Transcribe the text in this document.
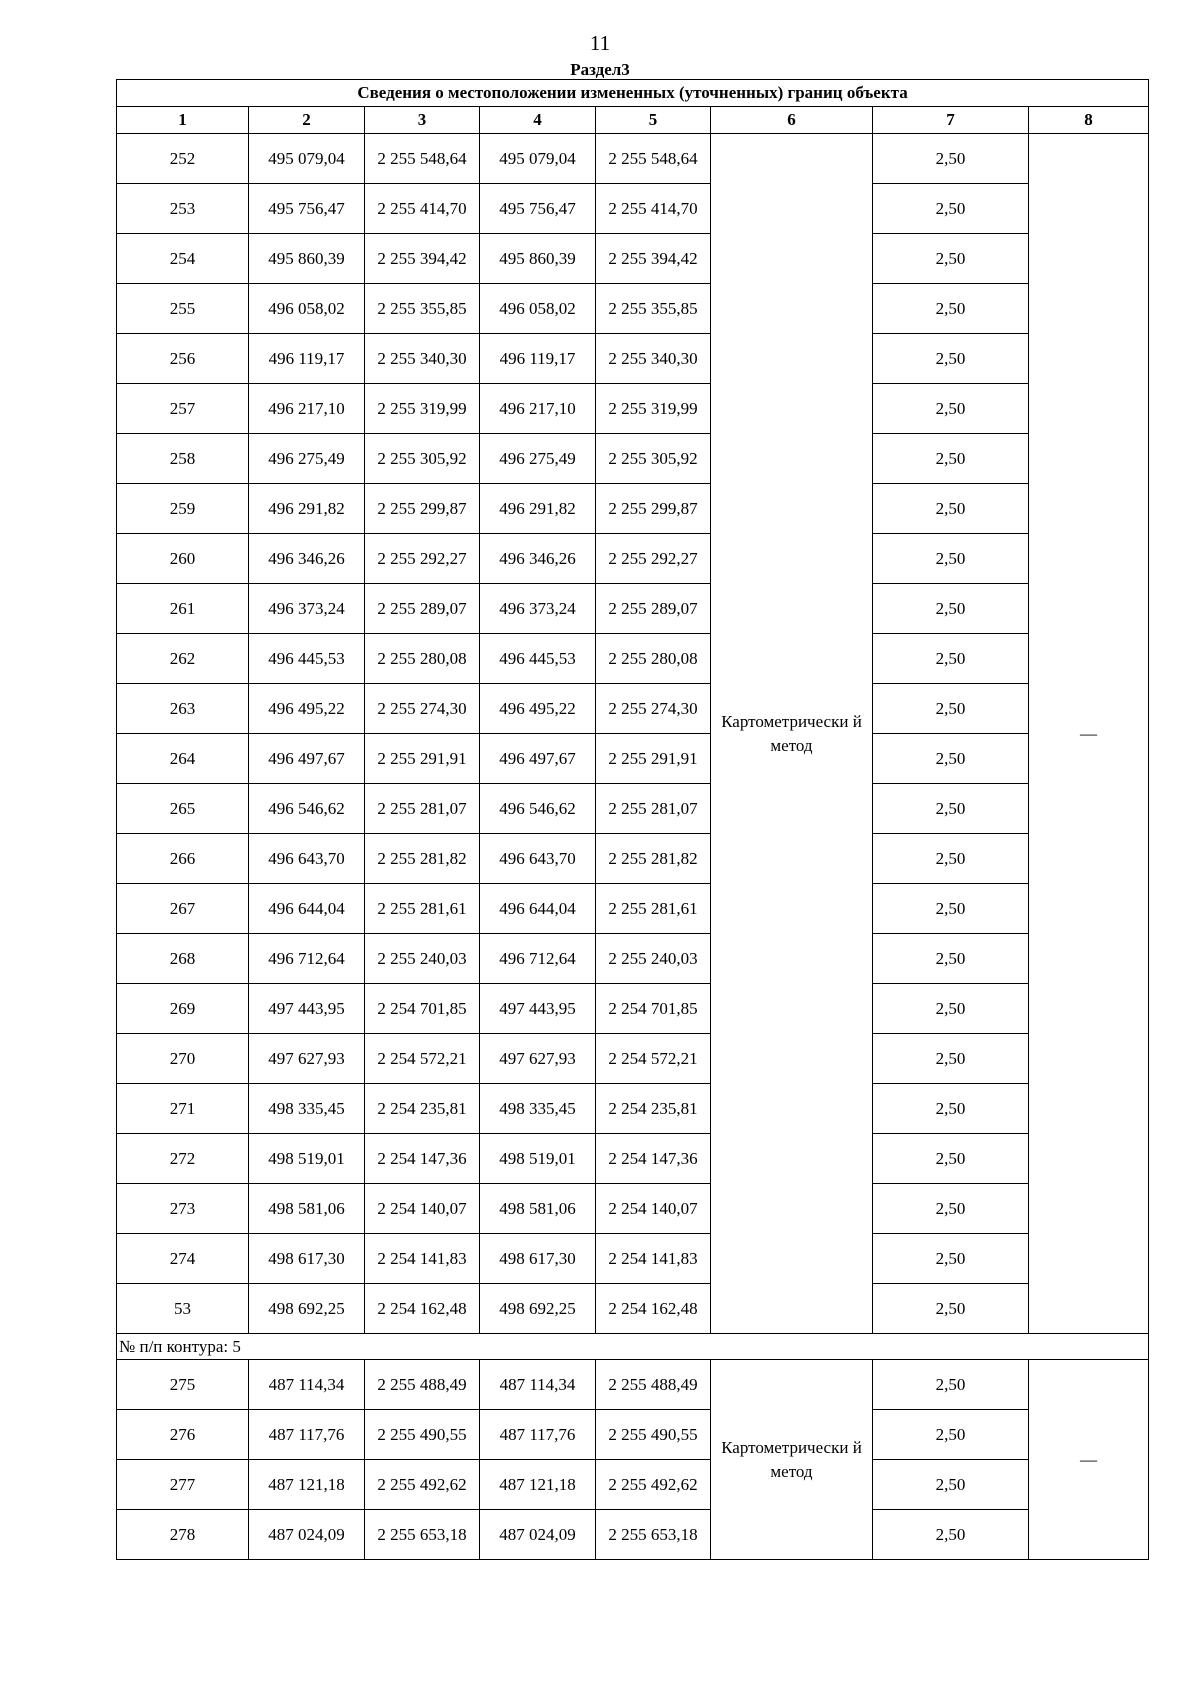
11
Раздел3
Сведения о местоположении измененных (уточненных) границ объекта							
1	2	3	4	5	6	7	8
252	495 079,04	2 255 548,64	495 079,04	2 255 548,64	Картометрически й метод	2,50	—
253	495 756,47	2 255 414,70	495 756,47	2 255 414,70		2,50	
254	495 860,39	2 255 394,42	495 860,39	2 255 394,42		2,50	
255	496 058,02	2 255 355,85	496 058,02	2 255 355,85		2,50	
256	496 119,17	2 255 340,30	496 119,17	2 255 340,30		2,50	
257	496 217,10	2 255 319,99	496 217,10	2 255 319,99		2,50	
258	496 275,49	2 255 305,92	496 275,49	2 255 305,92		2,50	
259	496 291,82	2 255 299,87	496 291,82	2 255 299,87		2,50	
260	496 346,26	2 255 292,27	496 346,26	2 255 292,27		2,50	
261	496 373,24	2 255 289,07	496 373,24	2 255 289,07		2,50	
262	496 445,53	2 255 280,08	496 445,53	2 255 280,08		2,50	
263	496 495,22	2 255 274,30	496 495,22	2 255 274,30		2,50	
264	496 497,67	2 255 291,91	496 497,67	2 255 291,91		2,50	
265	496 546,62	2 255 281,07	496 546,62	2 255 281,07		2,50	
266	496 643,70	2 255 281,82	496 643,70	2 255 281,82		2,50	
267	496 644,04	2 255 281,61	496 644,04	2 255 281,61		2,50	
268	496 712,64	2 255 240,03	496 712,64	2 255 240,03		2,50	
269	497 443,95	2 254 701,85	497 443,95	2 254 701,85		2,50	
270	497 627,93	2 254 572,21	497 627,93	2 254 572,21		2,50	
271	498 335,45	2 254 235,81	498 335,45	2 254 235,81		2,50	
272	498 519,01	2 254 147,36	498 519,01	2 254 147,36		2,50	
273	498 581,06	2 254 140,07	498 581,06	2 254 140,07		2,50	
274	498 617,30	2 254 141,83	498 617,30	2 254 141,83		2,50	
53	498 692,25	2 254 162,48	498 692,25	2 254 162,48		2,50	
№ п/п контура: 5							
275	487 114,34	2 255 488,49	487 114,34	2 255 488,49	Картометрически й метод	2,50	—
276	487 117,76	2 255 490,55	487 117,76	2 255 490,55		2,50	
277	487 121,18	2 255 492,62	487 121,18	2 255 492,62		2,50	
278	487 024,09	2 255 653,18	487 024,09	2 255 653,18		2,50	
